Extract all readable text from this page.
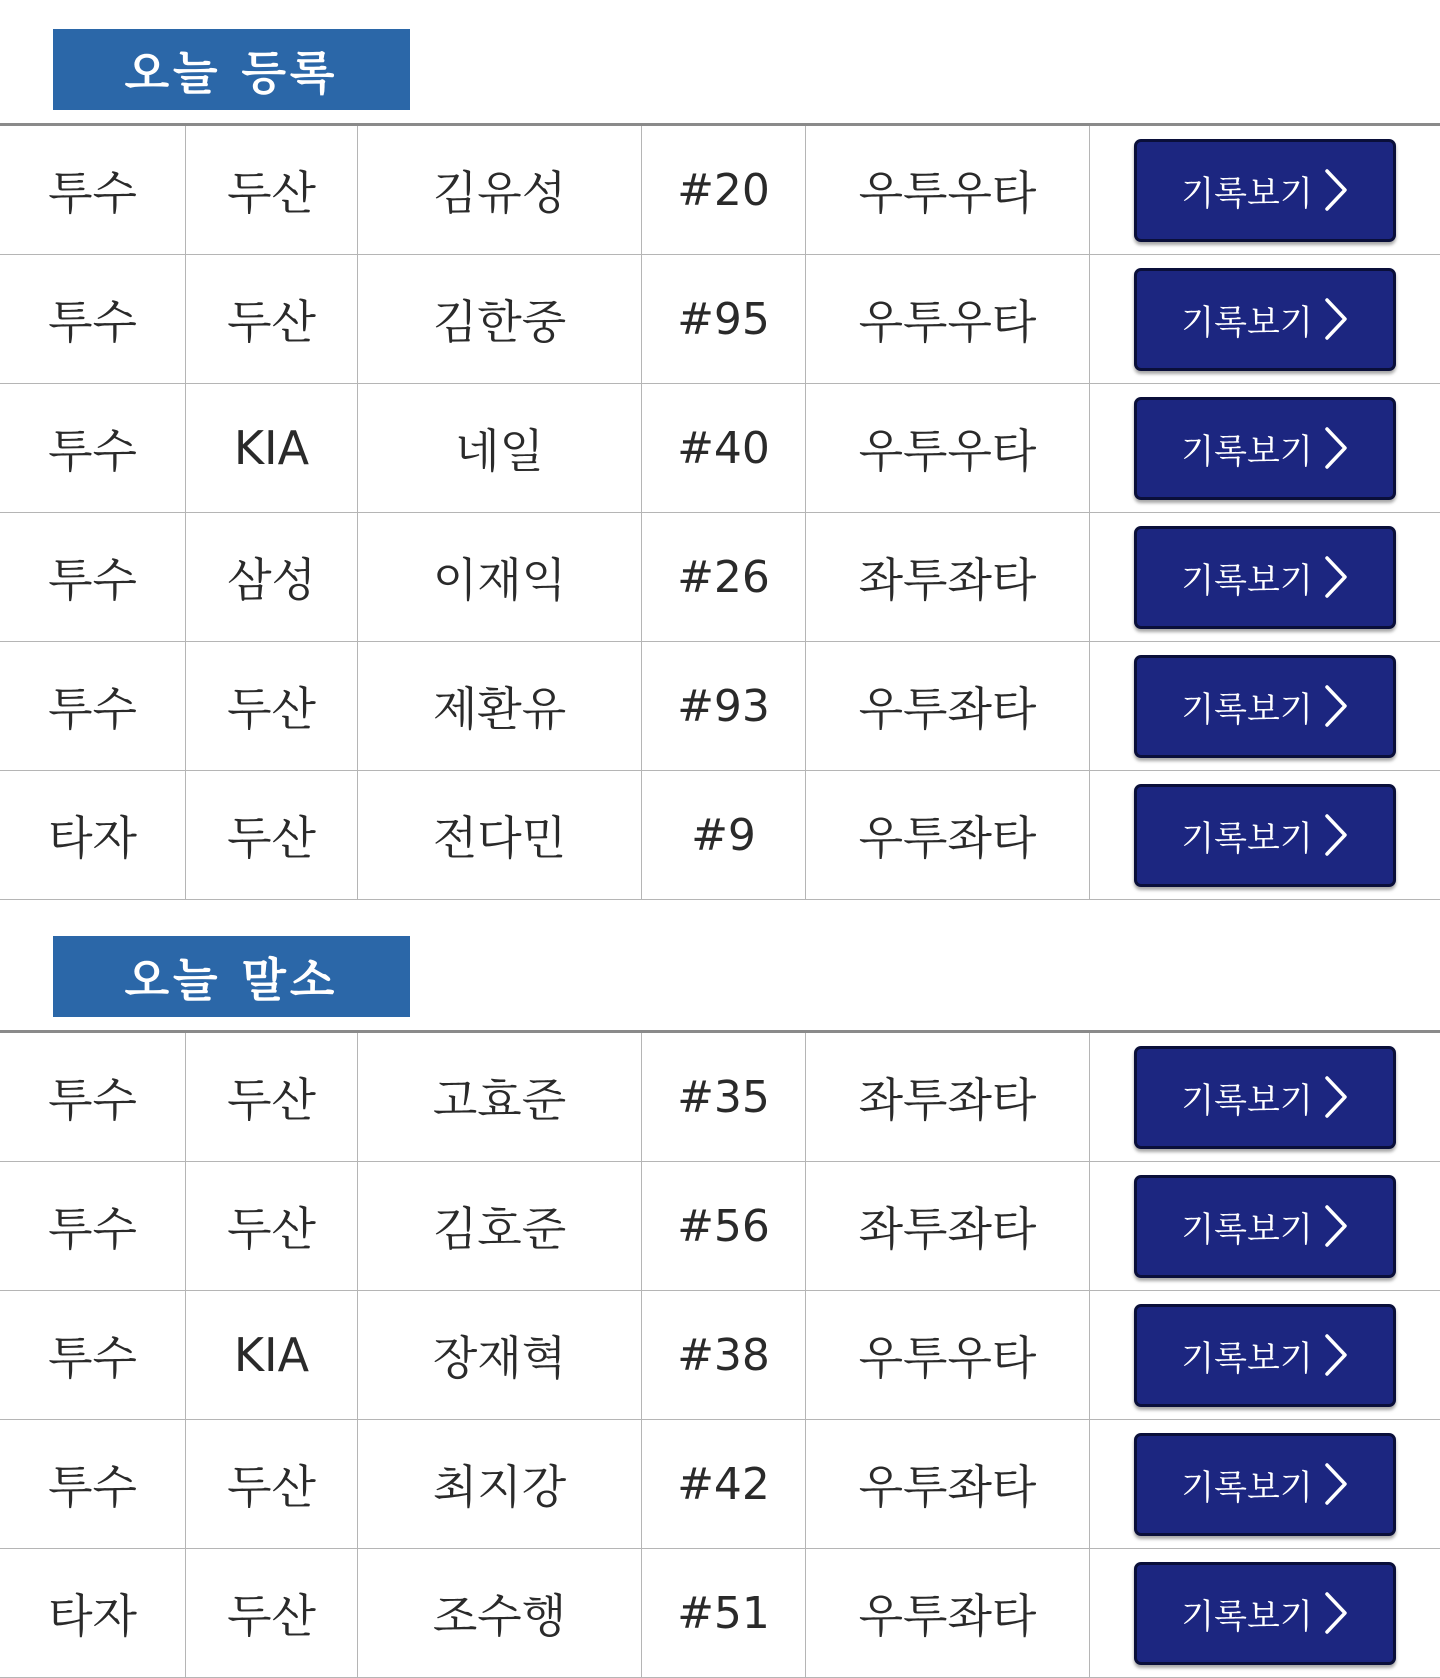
오늘 등록
투수	두산	김유성	#20	우투우타	기록보기
투수	두산	김한중	#95	우투우타	기록보기
투수	KIA	네일	#40	우투우타	기록보기
투수	삼성	이재익	#26	좌투좌타	기록보기
투수	두산	제환유	#93	우투좌타	기록보기
타자	두산	전다민	#9	우투좌타	기록보기
오늘 말소
투수	두산	고효준	#35	좌투좌타	기록보기
투수	두산	김호준	#56	좌투좌타	기록보기
투수	KIA	장재혁	#38	우투우타	기록보기
투수	두산	최지강	#42	우투좌타	기록보기
타자	두산	조수행	#51	우투좌타	기록보기
